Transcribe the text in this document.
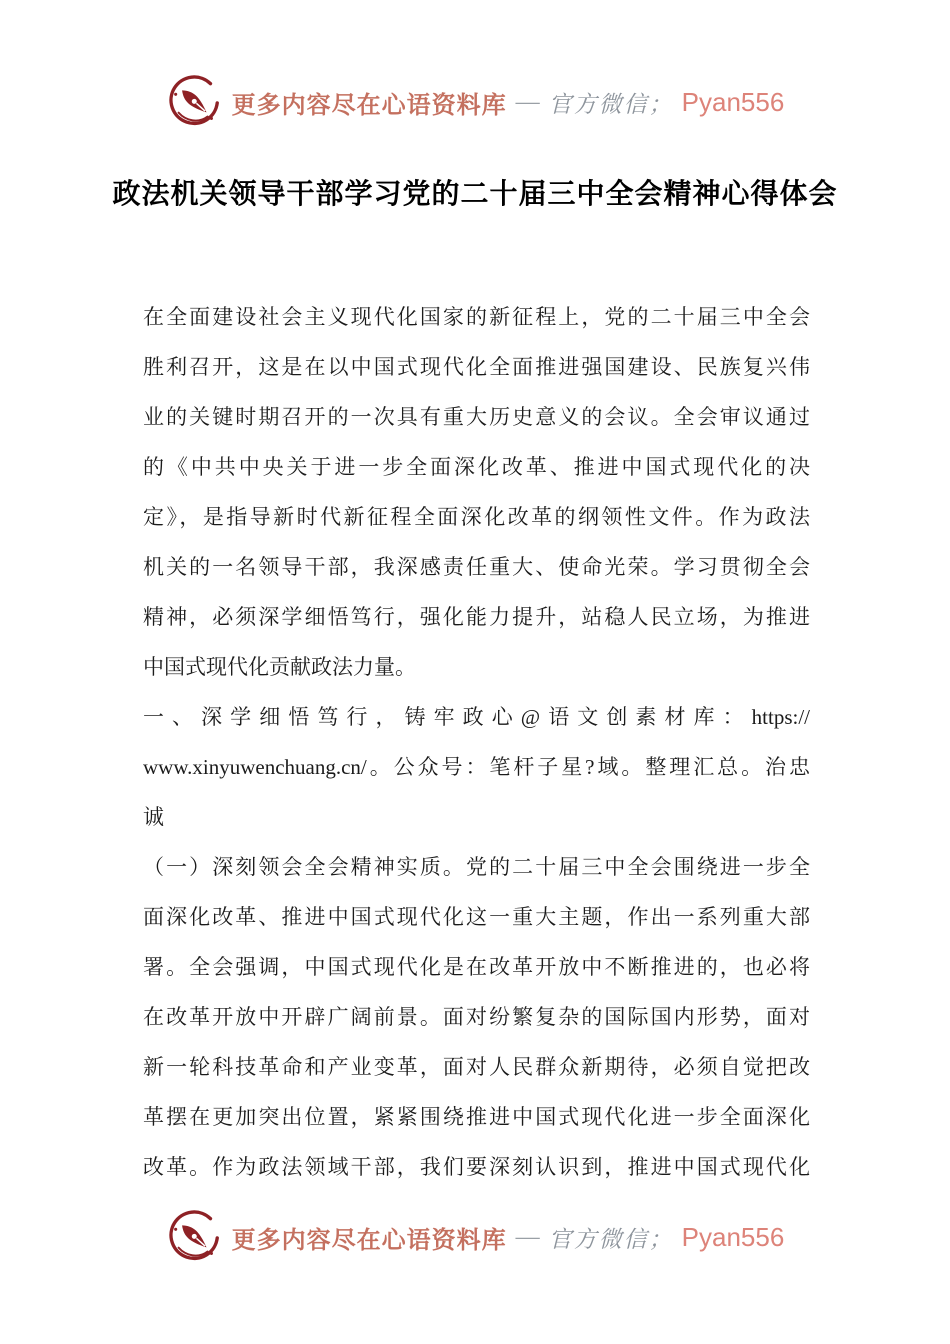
更多内容尽在心语资料库 — 官方微信； Pyan556
政法机关领导干部学习党的二十届三中全会精神心得体会
在全面建设社会主义现代化国家的新征程上，党的二十届三中全会
胜利召开，这是在以中国式现代化全面推进强国建设、民族复兴伟
业的关键时期召开的一次具有重大历史意义的会议。全会审议通过
的《中共中央关于进一步全面深化改革、推进中国式现代化的决
定》，是指导新时代新征程全面深化改革的纲领性文件。作为政法
机关的一名领导干部，我深感责任重大、使命光荣。学习贯彻全会
精神，必须深学细悟笃行，强化能力提升，站稳人民立场，为推进
中国式现代化贡献政法力量。
一、深学细悟笃行，铸牢政心@语文创素材库：https://
www.xinyuwenchuang.cn/。公众号：笔杆子星?域。整理汇总。治忠
诚
（一）深刻领会全会精神实质。党的二十届三中全会围绕进一步全
面深化改革、推进中国式现代化这一重大主题，作出一系列重大部
署。全会强调，中国式现代化是在改革开放中不断推进的，也必将
在改革开放中开辟广阔前景。面对纷繁复杂的国际国内形势，面对
新一轮科技革命和产业变革，面对人民群众新期待，必须自觉把改
革摆在更加突出位置，紧紧围绕推进中国式现代化进一步全面深化
改革。作为政法领域干部，我们要深刻认识到，推进中国式现代化
更多内容尽在心语资料库 — 官方微信； Pyan556
